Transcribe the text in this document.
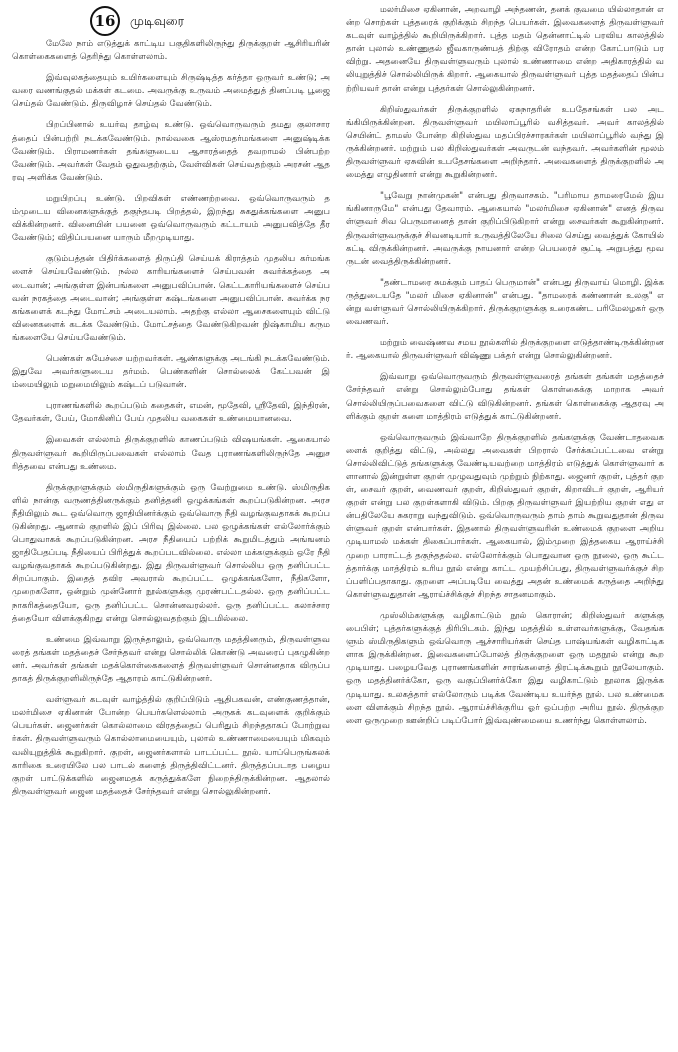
16	முடிவுரை

மேலே நாம் எடுத்துக் காட்டிய பகுதிகளிலிருந்து திருக்குறள் ஆசிரியரின் கொள்கைகளைத் தெரிந்து கொள்ளலாம்.

இவ்வுலகத்தையும் உயிர்களையும் சிருஷ்டித்த கர்த்தா ஒருவர் உண்டு; அவரை வணங்குதல் மக்கள் கடமை. அவருக்கு உருவம் அமைத்துத் தினப்படி பூஜை செய்தல் வேண்டும். திருவிழாச் செய்தல் வேண்டும்.

பிறப்பினால் உயர்வு தாழ்வு உண்டு. ஒவ்வொருவரும் தமது குலாசாரத்தைப் பின்பற்றி நடக்கவேண்டும். நால்வகை ஆஸ்ரமதர்மங்களை அனுஷ்டிக்க வேண்டும். பிராமணர்கள் தங்களுடைய ஆசாரத்தைத் தவறாமல் பின்பற்ற வேண்டும். அவர்கள் வேதம் ஓதுவதற்கும், வேள்விகள் செய்வதற்கும் அரசன் ஆதரவு அளிக்க வேண்டும்.

மறுபிறப்பு உண்டு. பிறவிகள் எண்ணற்றவை. ஒவ்வொருவரும் தம்முடைய வினைகளுக்குத் தகுந்தபடி பிறத்தல், இறந்து சுகதுக்கங்களை அனுபவிக்கின்றனர். வினையின் பயனை ஒவ்வொருவரும் கட்டாயம் அனுபவித்தே தீரவேண்டும்; விதிப்பயனை யாரும் மீறமுடியாது.

குடும்பத்தன் பிதிர்க்களைத் திருப்தி செய்யக் கிராத்தம் முதலிய கர்மங்களைச் செய்யவேண்டும். நல்ல காரியங்களைச் செய்பவன் சுவர்க்கத்தை அடைவான்; அங்குள்ள இன்பங்களை அனுபவிப்பான். கெட்டகாரியங்களைச் செய்பவன் நரகத்தை அடைவான்; அங்குள்ள கஷ்டங்களை அனுபவிப்பான். சுவர்க்க நரகங்களைக் கடந்து மோட்சம் அடையலாம். அதற்கு எல்லா ஆசைகளையும் விட்டு வினைகளைக் கடக்க வேண்டும். மோட்சத்தை வேண்டுகிறவன் நிஷ்காமிய கருமங்களையே செய்யவேண்டும்.

பெண்கள் சுயேச்சை யற்றவர்கள். ஆண்களுக்கு அடங்கி நடக்கவேண்டும். இதுவே அவர்களுடைய தர்மம். பெண்களின் சொல்லைக் கேட்பவன் இம்மையிலும் மறுமையிலும் கஷ்டப் படுவான்.

புராணங்களில் கூறப்படும் கதைகள், எமன், மூதேவி, ஸ்ரீதேவி, இந்திரன், தேவர்கள், பேய், மோகினிப் பேய் முதலிய வகைகள் உண்மையானவை.

இவைகள் எல்லாம் திருக்குறளில் காணப்படும் விஷயங்கள். ஆகையால் திருவள்ளுவர் கூறியிருப்பவைகள் எல்லாம் வேத புராணங்களிலிருந்தே அனுசரித்தவை என்பது உண்மை.

திருக்குறளுக்கும் ஸ்மிருதிகளுக்கும் ஒரு வேற்றுமை உண்டு. ஸ்மிருதிகளில் நான்கு வருணத்தினருக்கும் தனித்தனி ஒழுக்கங்கள் கூறப்படுகின்றன. அரச நீதியிலும் கூட ஒவ்வொரு ஜாதியினர்க்கும் ஒவ்வொரு நீதி வழங்குவதாகக் கூறப்படுகின்றது. ஆனால் குறளில் இப் பிரிவு இல்லை. பல ஒழுக்கங்கள் எல்லோர்க்கும் பொதுவாகக் கூறப்படுகின்றன. அரச நீதியைப் பற்றிக் கூறுமிடத்தும் அங்ஙனம் ஜாதிபேதப்படி நீதியைப் பிரித்துக் கூறப்படவில்லை. எல்லா மக்களுக்கும் ஒரே நீதி வழங்குவதாகக் கூறப்படுகின்றது. இது திருவள்ளுவர் சொல்லிய ஒரு தனிப்பட்ட சிறப்பாகும். இதைத் தவிர அவரால் கூறப்பட்ட ஒழுக்கங்களோ, நீதிகளோ, முறைகளோ, ஒன்றும் முன்னோர் நூல்களுக்கு முரண்பட்டதல்ல. ஒரு தனிப்பட்ட நாகரிகத்தையோ, ஒரு தனிப்பட்ட சொன்னவரல்லர். ஒரு தனிப்பட்ட கலாச்சாரத்தையோ விளக்குகிறது என்று சொல்லுவதற்கும் இடமில்லை.

உண்மை இவ்வாறு இருந்தாலும், ஒவ்வொரு மதத்தினரும், திருவள்ளுவரைத் தங்கள் மதத்தைச் சேர்ந்தவர் என்று சொல்லிக் கொண்டு அவரைப் புகழுகின்றனர். அவர்கள் தங்கள் மதக்கொள்கைகளைத் திருவள்ளுவர் சொன்னதாக விருப்பதாகத் திருக்குறளிலிருந்தே ஆதாரம் காட்டுகின்றனர்.

வள்ளுவர் கடவுள் வாழ்த்தில் குறிப்பிடும் ஆதிபகவன், எண்குணத்தான், மலர்மிசை ஏகினான் போன்ற பெயர்களெல்லாம் அருகக் கடவுளைக் குறிக்கும் பெயர்கள். ஜைனர்கள் கொல்லாமை விரதத்தைப் பெரிதும் சிறந்ததாகப் போற்றுவர்கள். திருவள்ளுவரும் கொல்லாமையையும், புலால் உண்ணாமையையும் மிகவும் வலியுறுத்திக் கூறுகிறார். குறள், ஜைனர்களால் பாடப்பட்ட நூல். யாப்பெருங்கலக் காரிகை உரையிலே பல பாடல் களைத் திருத்திவிட்டனர். திருத்தப்படாத பழைய குறள் பாட்டுக்களில் ஜைனமதக் கருத்துக்களே நிறைந்திருக்கின்றன. ஆதலால் திருவள்ளுவர் ஜைன மதத்தைச் சேர்ந்தவர் என்று சொல்லுகின்றனர்.

மலர்மிசை ஏகினான், அறவாழி அந்தணன், தனக் குவமை யில்லாதான் என்ற சொற்கள் புத்தரைக் குறிக்கும் சிறந்த பெயர்கள். இவைகளைத் திருவள்ளுவர் கடவுள் வாழ்த்தில் கூறியிருக்கிறார். புத்த மதம் தென்னாட்டில் பரவிய காலத்தில் தான் புலால் உண்ணுதல் ஜீவகாருண்யத் திற்கு விரோதம் என்ற கோட்பாடும் பரவிற்று. அதனையே திருவள்ளுவரும் புலால் உண்ணாமை என்ற அதிகாரத்தில் வலியுறுத்திச் சொல்லியிருக் கிறார். ஆகையால் திருவள்ளுவர் புத்த மதத்தைப் பின்பற்றியவர் தான் என்று புத்தர்கள் சொல்லுகின்றனர்.

கிறிஸ்துவர்கள் திருக்குறளில் ஏசுநாதரின் உபதேசங்கள் பல அடங்கியிருக்கின்றன. திருவள்ளுவர் மயிலாப்பூரில் வசித்தவர். அவர் காலத்தில் செயின்ட் தாமஸ் போன்ற கிறிஸ்துவ மதப்பிரச்சாரகர்கள் மயிலாப்பூரில் வந்து இருக்கின்றனர். மற்றும் பல கிறிஸ்துவர்கள் அவருடன் வந்தவர். அவர்களின் மூலம் திருவள்ளுவர் ஏசுவின் உபதேசங்களை அறிந்தார். அவைகளைத் திருக்குறளில் அமைத்து எழுதினார் என்று கூறுகின்றனர்.

"பூவேறு நான்முகன்" என்பது திருவாசகம். "பரிமாய தாமரைமேல் இயங்கினாருமே" என்பது தேவாரம். ஆகையால் "மலர்மிசை ஏகினான்" எனத் திருவள்ளுவர் சிவ பெருமானைத் தான் குறிப்பிடுகிறார் என்று சைவர்கள் கூறுகின்றனர். திருவள்ளுவருக்குச் சிவனடியார் உருவத்திலேயே சிலை செய்து வைத்துக் கோயில் கட்டி விருக்கின்றனர். அவருக்கு நாயனார் என்ற பெயரைச் சூட்டி அறுபத்து மூவருடன் வைத்திருக்கின்றனர்.

"தண்டாமரை சுமக்கும் பாதப் பெருமான்" என்பது திருவாய் மொழி. இக்கருத்துடையதே "மலர் மிசை ஏகினான்" என்பது. "தாமரைக் கண்ணான் உலகு" என்று வள்ளுவர் சொல்லியிருக்கிறார். திருக்குறளுக்கு உரைகண்ட பரிமேலழகர் ஒரு வைணவர்.

மற்றும் வைஷ்ணவ சமய நூல்களில் திருக்குறளை எடுத்தாண்டிருக்கின்றனர். ஆகையால் திருவள்ளுவர் விஷ்ணு பக்தர் என்று சொல்லுகின்றனர்.

இவ்வாறு ஒவ்வொருவரும் திருவள்ளுவரைத் தங்கள் தங்கள் மதத்தைச் சேர்ந்தவர் என்று சொல்லும்போது தங்கள் கொள்கைக்கு மாறாக அவர் சொல்லியிருப்பவைகளை விட்டு விடுகின்றனர். தங்கள் கொள்கைக்கு ஆதரவு அளிக்கும் குறள் களை மாத்திரம் எடுத்துக் காட்டுகின்றனர்.

ஒவ்வொருவரும் இவ்வாறே திருக்குறளில் தங்களுக்கு வேண்டாதவைகளைக் குறித்து விட்டு, அல்லது அவைகள் பிறரால் சேர்க்கப்பட்டவை என்று சொல்லிவிட்டுத் தங்களுக்கு வேண்டியவற்றை மாத்திரம் எடுத்துக் கொள்ளுவார் களானால் இன்றுள்ள குறள் முழுவதுவும் முற்றும் நிற்காது. ஜைனர் குறள், புத்தர் குறள், சைவர் குறள், வைணவர் குறள், கிறிஸ்துவர் குறள், கிறாவிடர் குறள், ஆரியர் குறள் என்று பல குறள்களாகி விடும். பிறகு திருவள்ளுவர் இயற்றிய குறள் எது என்பதிலேயே சுகராறு வந்துவிடும். ஒவ்வொருவரும் தாம் தாம் கூறுவதுதான் திருவள்ளுவர் குறள் என்பார்கள். இதனால் திருவள்ளுவரின் உண்மைக் குறளை அறிய முடியாமல் மக்கள் திகைப்பார்கள். ஆகையால், இம்முறை இத்தகைய ஆராய்ச்சி முறை பாராட்டத் தகுந்ததல்ல. எல்லோர்க்கும் பொதுவான ஒரு நூலை, ஒரு கூட்டத்தார்க்கு மாத்திரம் உரிய நூல் என்று காட்ட முயற்சிப்பது, திருவள்ளுவர்க்குச் சிறப்பளிப்பதாகாது. குறளை அப்படியே வைத்து அதன் உண்மைக் கருத்தை அறிந்து கொள்ளுவதுதான் ஆராய்ச்சிக்குச் சிறந்த சாதனமாகும்.

முஸ்லிம்களுக்கு வழிகாட்டும் நூல் கொரான்; கிறிஸ்துவர் களுக்கு பைபிள்; புத்தர்களுக்குத் திரிபிடகம். இந்து மதத்தில் உள்ளவர்களுக்கு, வேதங்களும் ஸ்மிருதிகளும் ஒவ்வொரு ஆச்சாரியர்கள் செய்த பாஷ்யங்கள் வழிகாட்டிகளாக இருக்கின்றன. இவைகளைப்போலத் திருக்குறளை ஒரு மதநூல் என்று கூறமுடியாது. பழையவேத புராணங்களின் சாரங்களைத் திரட்டிக்கூறும் நூலேயாகும். ஒரு மதத்தினர்க்கோ, ஒரு வகுப்பினர்க்கோ இது வழிகாட்டும் நூலாக இருக்க முடியாது. உலகத்தார் எல்லோரும் படிக்க வேண்டிய உயர்ந்த நூல். பல உண்மைகளை விளக்கும் சிறந்த நூல். ஆராய்ச்சிக்குரிய ஓர் ஒப்பற்ற அரிய நூல். திருக்குறளை ஒருமுறை ஊன்றிப் படிப்போர் இவ்வுண்மையை உணர்ந்து கொள்ளலாம்.
